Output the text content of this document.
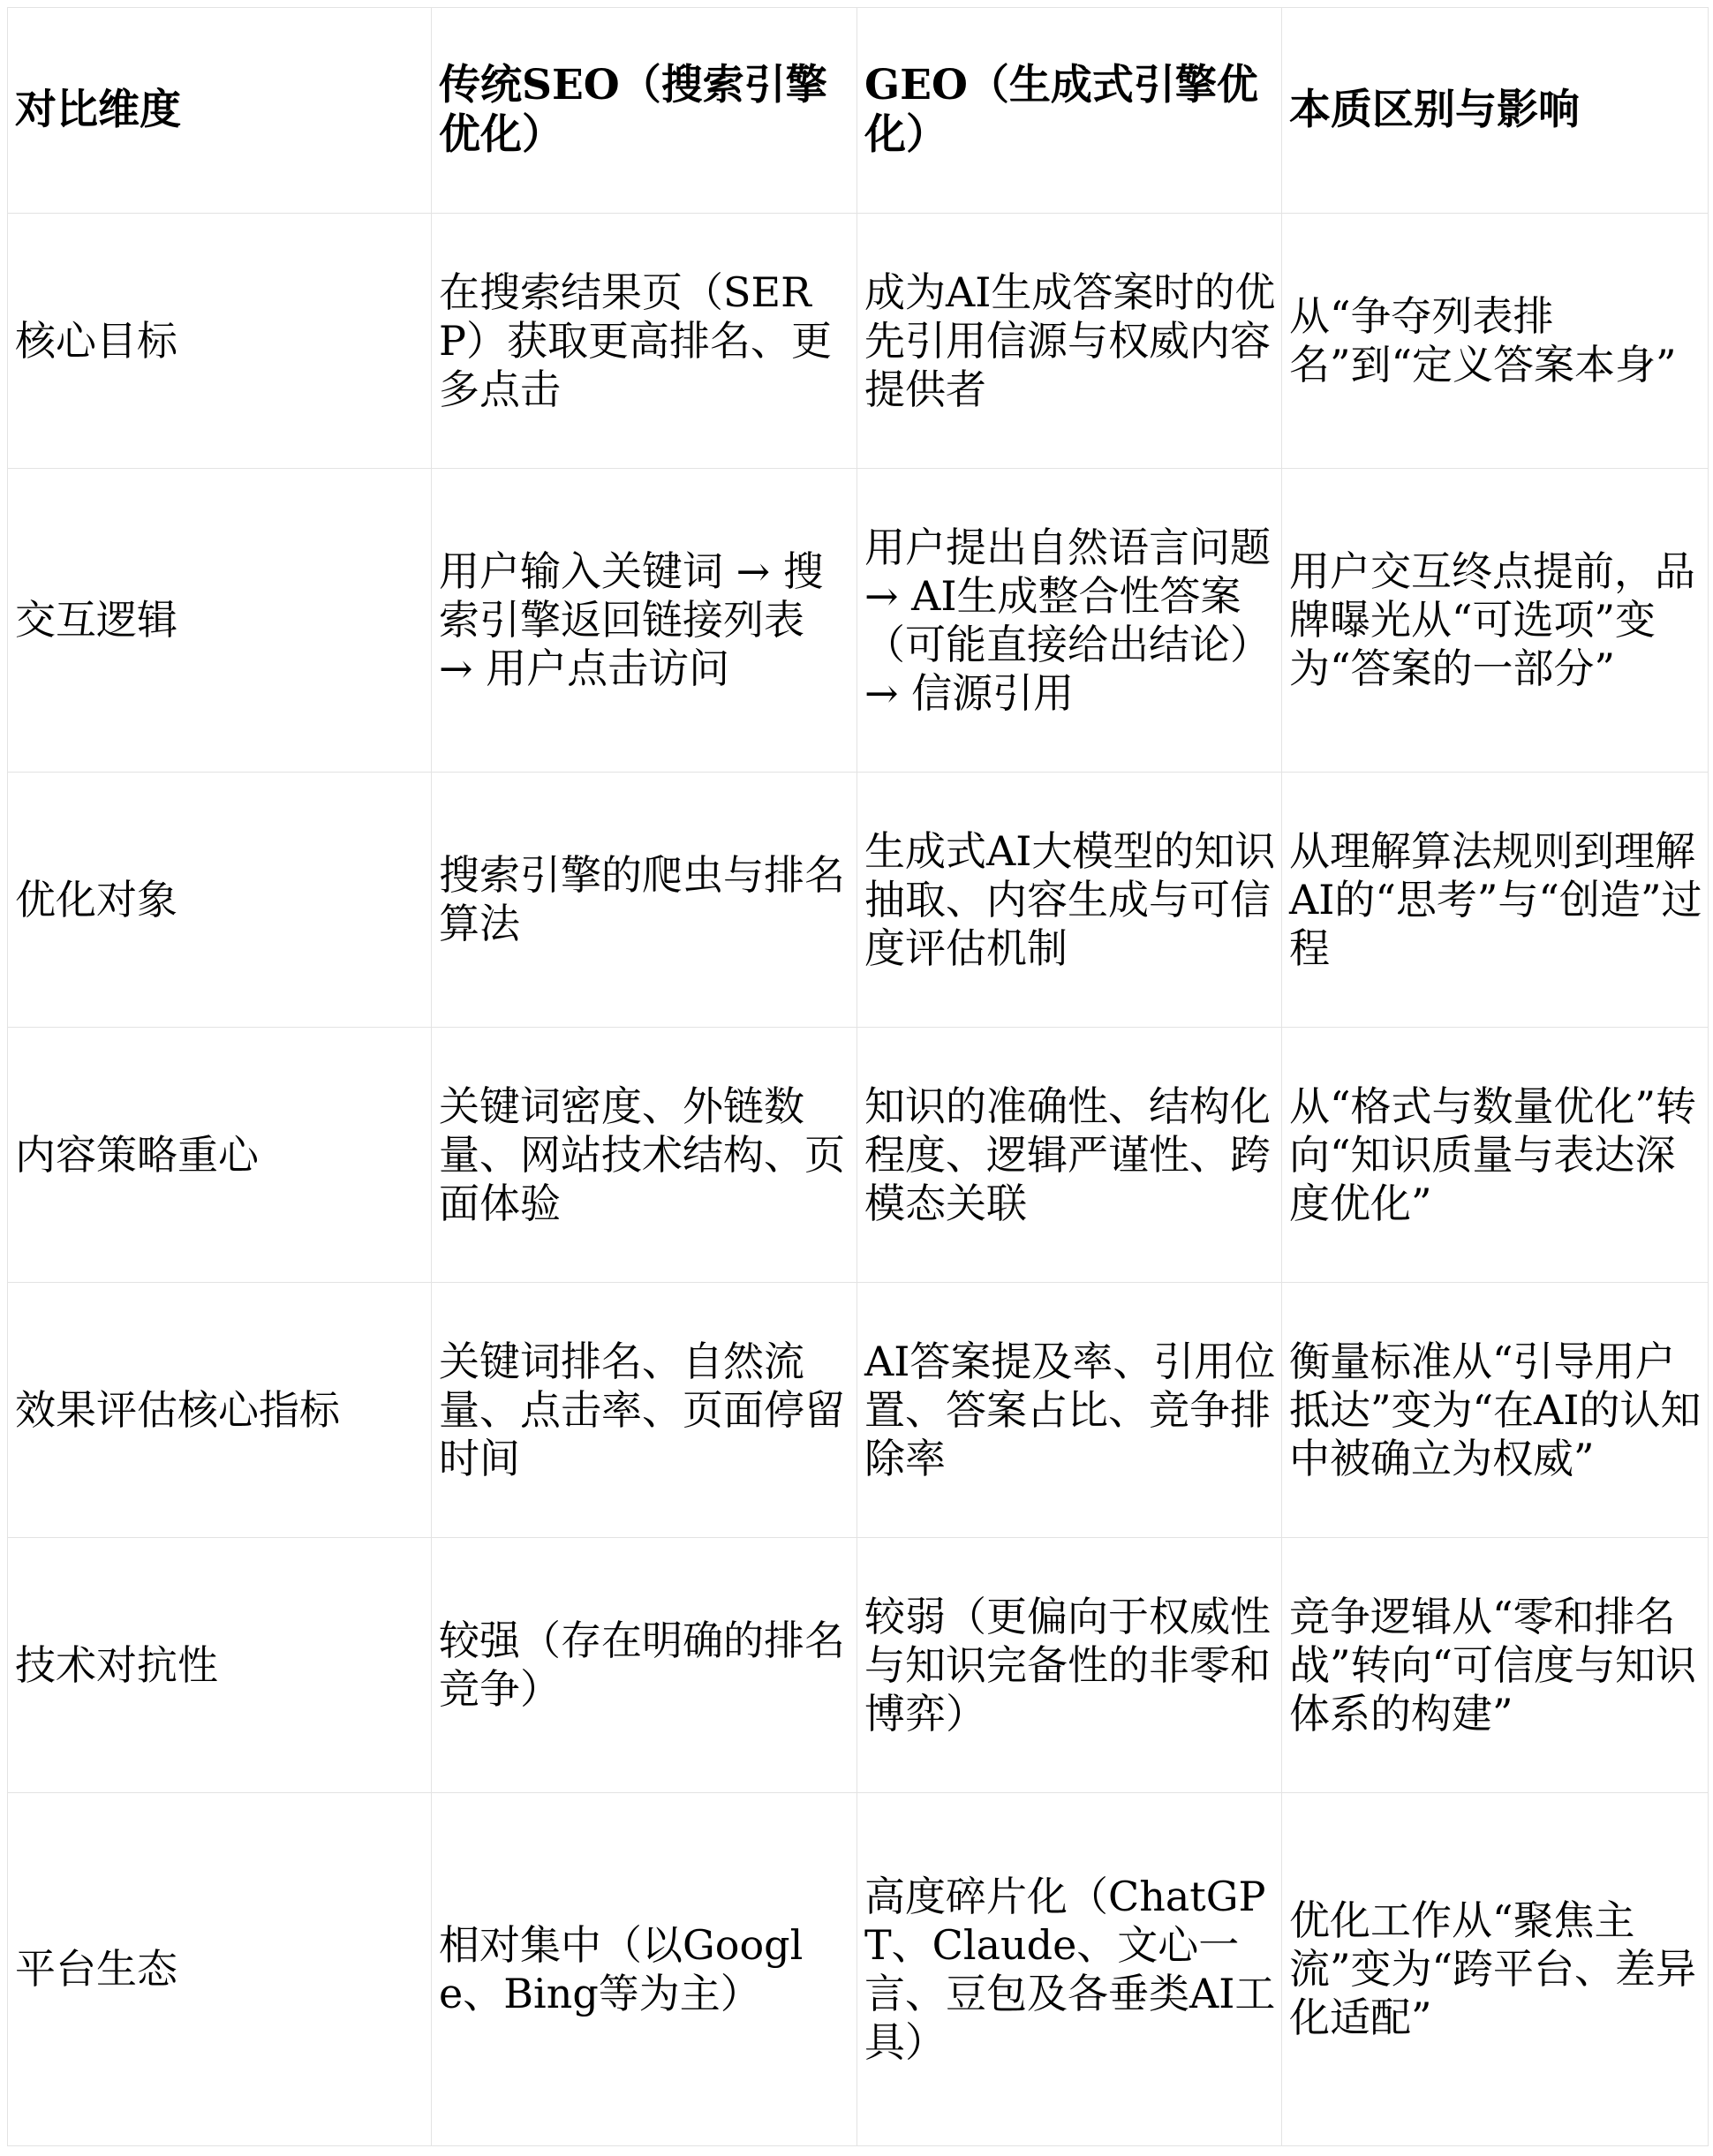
对比维度
传统SEO（搜索引擎优化）
GEO（生成式引擎优化）
本质区别与影响
核心目标
在搜索结果页（SERP）获取更高排名、更多点击
成为AI生成答案时的优先引用信源与权威内容提供者
从“争夺列表排名”到“定义答案本身”
交互逻辑
用户输入关键词 → 搜索引擎返回链接列表 → 用户点击访问
用户提出自然语言问题 → AI生成整合性答案（可能直接给出结论） → 信源引用
用户交互终点提前，品牌曝光从“可选项”变为“答案的一部分”
优化对象
搜索引擎的爬虫与排名算法
生成式AI大模型的知识抽取、内容生成与可信度评估机制
从理解算法规则到理解AI的“思考”与“创造”过程
内容策略重心
关键词密度、外链数量、网站技术结构、页面体验
知识的准确性、结构化程度、逻辑严谨性、跨模态关联
从“格式与数量优化”转向“知识质量与表达深度优化”
效果评估核心指标
关键词排名、自然流量、点击率、页面停留时间
AI答案提及率、引用位置、答案占比、竞争排除率
衡量标准从“引导用户抵达”变为“在AI的认知中被确立为权威”
技术对抗性
较强（存在明确的排名竞争）
较弱（更偏向于权威性与知识完备性的非零和博弈）
竞争逻辑从“零和排名战”转向“可信度与知识体系的构建”
平台生态
相对集中（以Google、Bing等为主）
高度碎片化（ChatGPT、Claude、文心一言、豆包及各垂类AI工具）
优化工作从“聚焦主流”变为“跨平台、差异化适配”
